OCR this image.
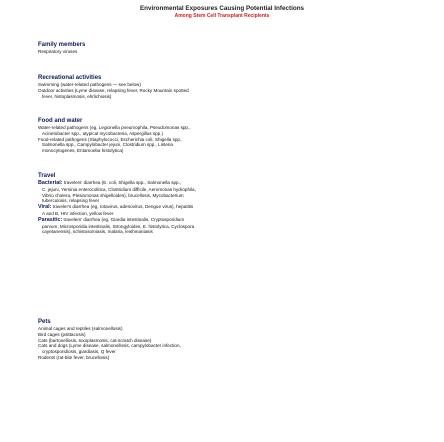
Environmental Exposures Causing Potential Infections
Among Stem Cell Transplant Recipients
Family members
Respiratory viruses
Recreational activities
Swimming (water-related pathogens — see below)
Outdoor activities (Lyme disease, relapsing fever, Rocky Mountain spotted
fever, histoplasmosis, ehrlichiosis)
Food and water
Water-related pathogens (eg, Legionella pneumophila, Pseudomonas spp.,
Acinetobacter spp., atypical mycobacteria, Aspergillus spp.)
Food-related pathogens (Staphylococci, Escherichia coli, Shigella spp.,
Salmonella spp., Campylobacter jejuni, Clostridium spp., Listeria
monocytogenes, Entamoeba histolytica)
Travel
Bacterial: travelers' diarrhea (E. coli, Shigella spp., Salmonella spp.,
C. jejuni, Yersinia enterocolitica, Clostridium difficile, Aeromonas hydrophila,
Vibrio cholera, Plesiomonas shigelloides), brucellosis, Mycobacterium
tuberculosis, relapsing fever
Viral: traveler's diarrhea (eg, rotavirus, adenovirus, Dengue virus), hepatitis
A and B, HIV infection, yellow fever
Parasitic: travelers' diarrhea (eg, Giardia intestinalis, Cryptosporidium
parvum, Microsporidia intestinalis, Strongyloides, E. histolytica, Cyclospora
cayetanensis), schistosomiasis, malaria, leishmaniasis
Pets
Animal cages and reptiles (salmonellosis)
Bird cages (psittacosis)
Cats (bartonellosis, toxoplasmosis, cat-scratch disease)
Cats and dogs (Lyme disease, salmonellosis, campylobacter infection,
cryptosporidiosis, giardiasis, Q fever
Rodents (rat-bite fever, brucellosis)
